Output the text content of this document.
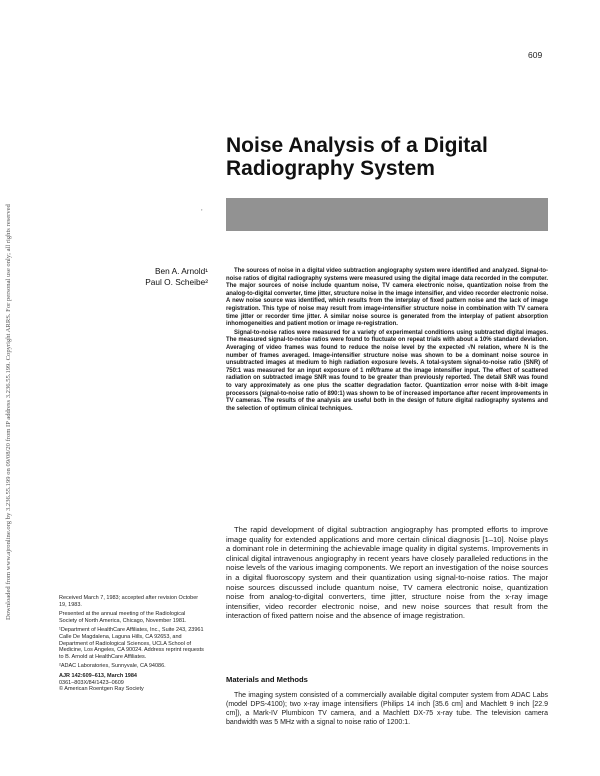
Downloaded from www.ajronline.org by 3.236.55.199 on 09/08/20 from IP address 3.236.55.199. Copyright ARRS. For personal use only; all rights reserved
609
Noise Analysis of a Digital
Radiography System
,
Ben A. Arnold¹
Paul O. Scheibe²

The sources of noise in a digital video subtraction angiography system were identified and analyzed. Signal-to-noise ratios of digital radiography systems were measured using the digital image data recorded in the computer. The major sources of noise include quantum noise, TV camera electronic noise, quantization noise from the analog-to-digital converter, time jitter, structure noise in the image intensifier, and video recorder electronic noise. A new noise source was identified, which results from the interplay of fixed pattern noise and the lack of image registration. This type of noise may result from image-intensifier structure noise in combination with TV camera time jitter or recorder time jitter. A similar noise source is generated from the interplay of patient absorption inhomogeneities and patient motion or image re-registration.

Signal-to-noise ratios were measured for a variety of experimental conditions using subtracted digital images. The measured signal-to-noise ratios were found to fluctuate on repeat trials with about a 10% standard deviation. Averaging of video frames was found to reduce the noise level by the expected √N relation, where N is the number of frames averaged. Image-intensifier structure noise was shown to be a dominant noise source in unsubtracted images at medium to high radiation exposure levels. A total-system signal-to-noise ratio (SNR) of 750:1 was measured for an input exposure of 1 mR/frame at the image intensifier input. The effect of scattered radiation on subtracted image SNR was found to be greater than previously reported. The detail SNR was found to vary approximately as one plus the scatter degradation factor. Quantization error noise with 8-bit image processors (signal-to-noise ratio of 890:1) was shown to be of increased importance after recent improvements in TV cameras. The results of the analysis are useful both in the design of future digital radiography systems and the selection of optimum clinical techniques.

The rapid development of digital subtraction angiography has prompted efforts to improve image quality for extended applications and more certain clinical diagnosis [1–10]. Noise plays a dominant role in determining the achievable image quality in digital systems. Improvements in clinical digital intravenous angiography in recent years have closely paralleled reductions in the noise levels of the various imaging components. We report an investigation of the noise sources in a digital fluoroscopy system and their quantization using signal-to-noise ratios. The major noise sources discussed include quantum noise, TV camera electronic noise, quantization noise from analog-to-digital converters, time jitter, structure noise from the x-ray image intensifier, video recorder electronic noise, and new noise sources that result from the interaction of fixed pattern noise and the absence of image registration.

Received March 7, 1983; accepted after revision October 19, 1983.

Presented at the annual meeting of the Radiological Society of North America, Chicago, November 1981.

¹Department of HealthCare Affiliates, Inc., Suite 243, 23961 Calle De Magdalena, Laguna Hills, CA 92653, and Department of Radiological Sciences, UCLA School of Medicine, Los Angeles, CA 90024. Address reprint requests to B. Arnold at HealthCare Affiliates.

²ADAC Laboratories, Sunnyvale, CA 94086.

AJR 142:609–613, March 1984
0361–803X/84/1423–0609
© American Roentgen Ray Society
Materials and Methods

The imaging system consisted of a commercially available digital computer system from ADAC Labs (model DPS-4100); two x-ray image intensifiers (Philips 14 inch [35.6 cm] and Machlett 9 inch [22.9 cm]), a Mark-IV Plumbicon TV camera, and a Machlett DX-75 x-ray tube. The television camera bandwidth was 5 MHz with a signal to noise ratio of 1200:1.
